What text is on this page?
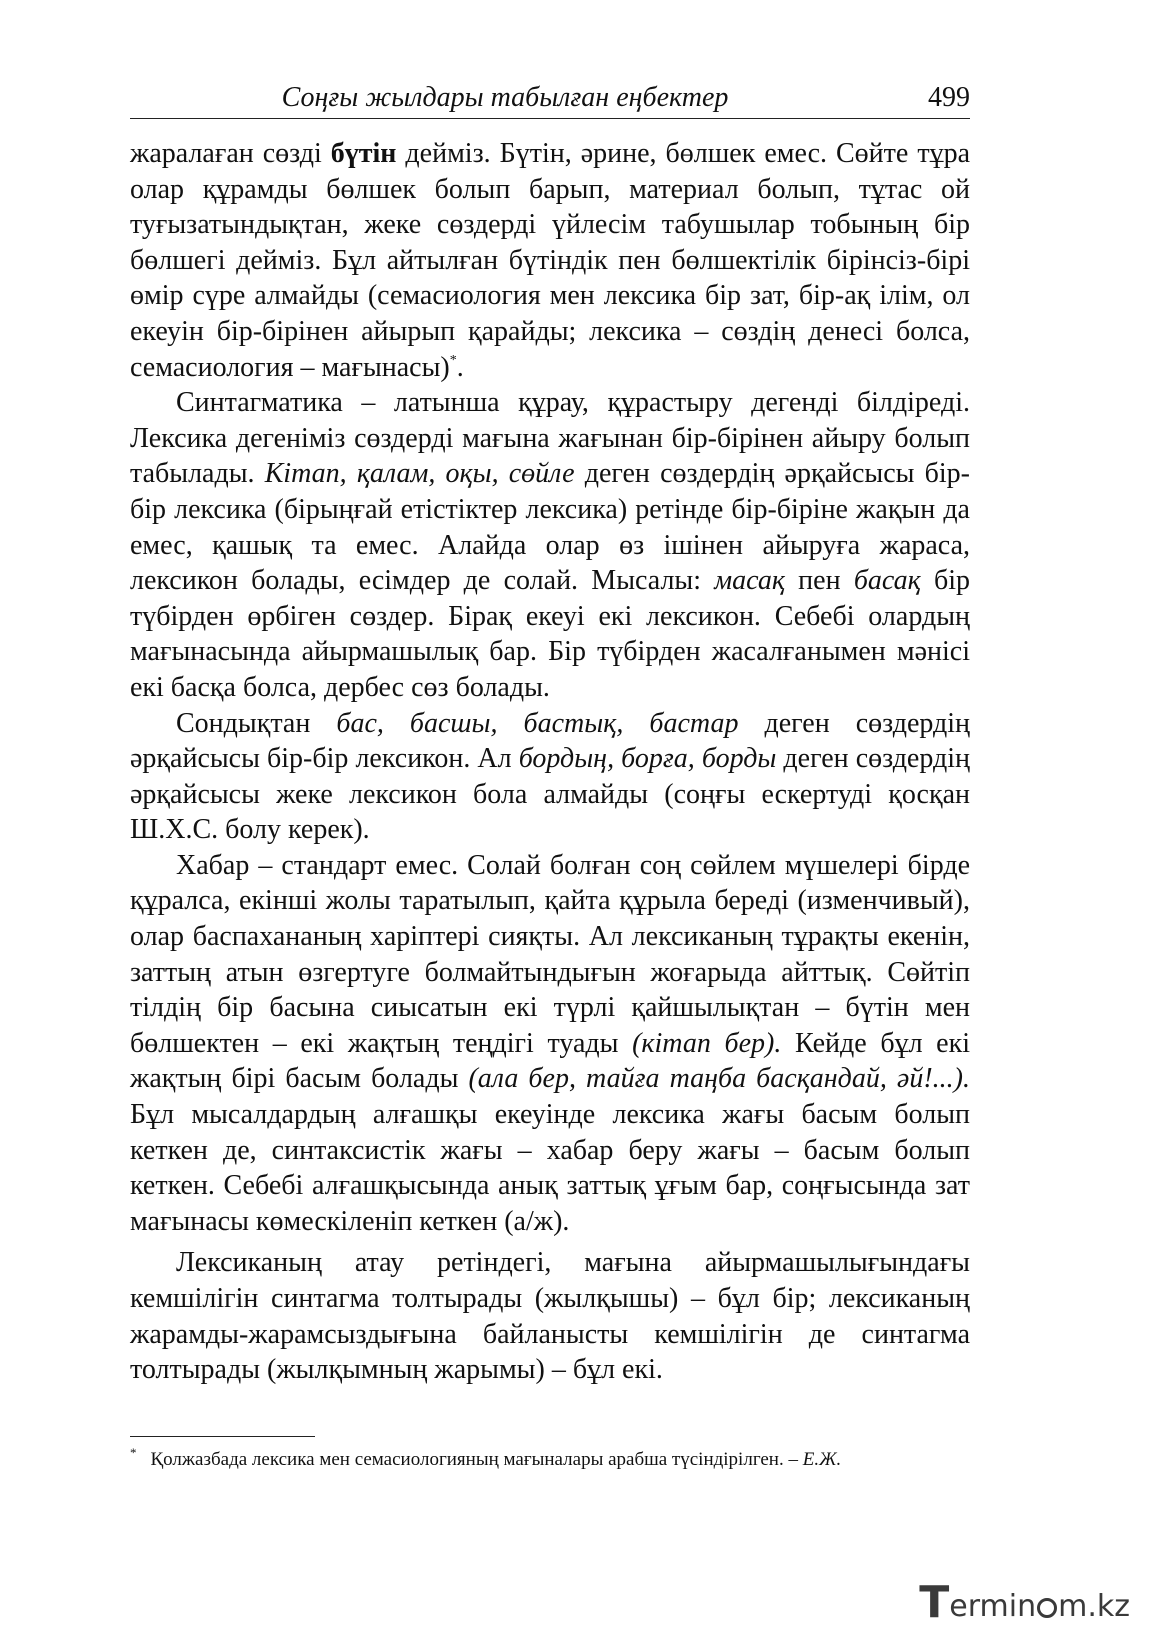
Соңғы жылдары табылған еңбектер	499

жаралаған сөзді бүтін дейміз. Бүтін, әрине, бөлшек емес. Сөйте тұра олар құрамды бөлшек болып барып, материал болып, тұтас ой туғызатындықтан, жеке сөздерді үйлесім табушылар тобының бір бөлшегі дейміз. Бұл айтылған бүтіндік пен бөлшектілік бірінсіз-бірі өмір сүре алмайды (семасиология мен лексика бір зат, бір-ақ ілім, ол екеуін бір-бірінен айырып қарайды; лексика – сөздің денесі болса, семасиология – мағынасы)*.

Синтагматика – латынша құрау, құрастыру дегенді білдіреді. Лексика дегеніміз сөздерді мағына жағынан бір-бірінен айыру болып табылады. Кітап, қалам, оқы, сөйле деген сөздердің әрқайсысы бір-бір лексика (бірыңғай етістіктер лексика) ретінде бір-біріне жақын да емес, қашық та емес. Алайда олар өз ішінен айыруға жараса, лексикон болады, есімдер де солай. Мысалы: масақ пен басақ бір түбірден өрбіген сөздер. Бірақ екеуі екі лексикон. Себебі олардың мағынасында айырмашылық бар. Бір түбірден жасалғанымен мәнісі екі басқа болса, дербес сөз болады.

Сондықтан бас, басшы, бастық, бастар деген сөздердің әрқайсысы бір-бір лексикон. Ал бордың, борға, борды деген сөздердің әрқайсысы жеке лексикон бола алмайды (соңғы ескертуді қосқан Ш.Х.С. болу керек).

Хабар – стандарт емес. Солай болған соң сөйлем мүшелері бірде құралса, екінші жолы таратылып, қайта құрыла береді (изменчивый), олар баспахананың харіптері сияқты. Ал лексиканың тұрақты екенін, заттың атын өзгертуге болмайтындығын жоғарыда айттық. Сөйтіп тілдің бір басына сиысатын екі түрлі қайшылықтан – бүтін мен бөлшектен – екі жақтың теңдігі туады (кітап бер). Кейде бұл екі жақтың бірі басым болады (ала бер, тайға таңба басқандай, әй!...). Бұл мысалдардың алғашқы екеуінде лексика жағы басым болып кеткен де, синтаксистік жағы – хабар беру жағы – басым болып кеткен. Себебі алғашқысында анық заттық ұғым бар, соңғысында зат мағынасы көмескіленіп кеткен (а/ж).

Лексиканың атау ретіндегі, мағына айырмашылығындағы кемшілігін синтагма толтырады (жылқышы) – бұл бір; лексиканың жарамды-жарамсыздығына байланысты кемшілігін де синтагма толтырады (жылқымның жарымы) – бұл екі.

* Қолжазбада лексика мен семасиологияның мағыналары арабша түсіндірілген. – Е.Ж.
T ermin m.kz
